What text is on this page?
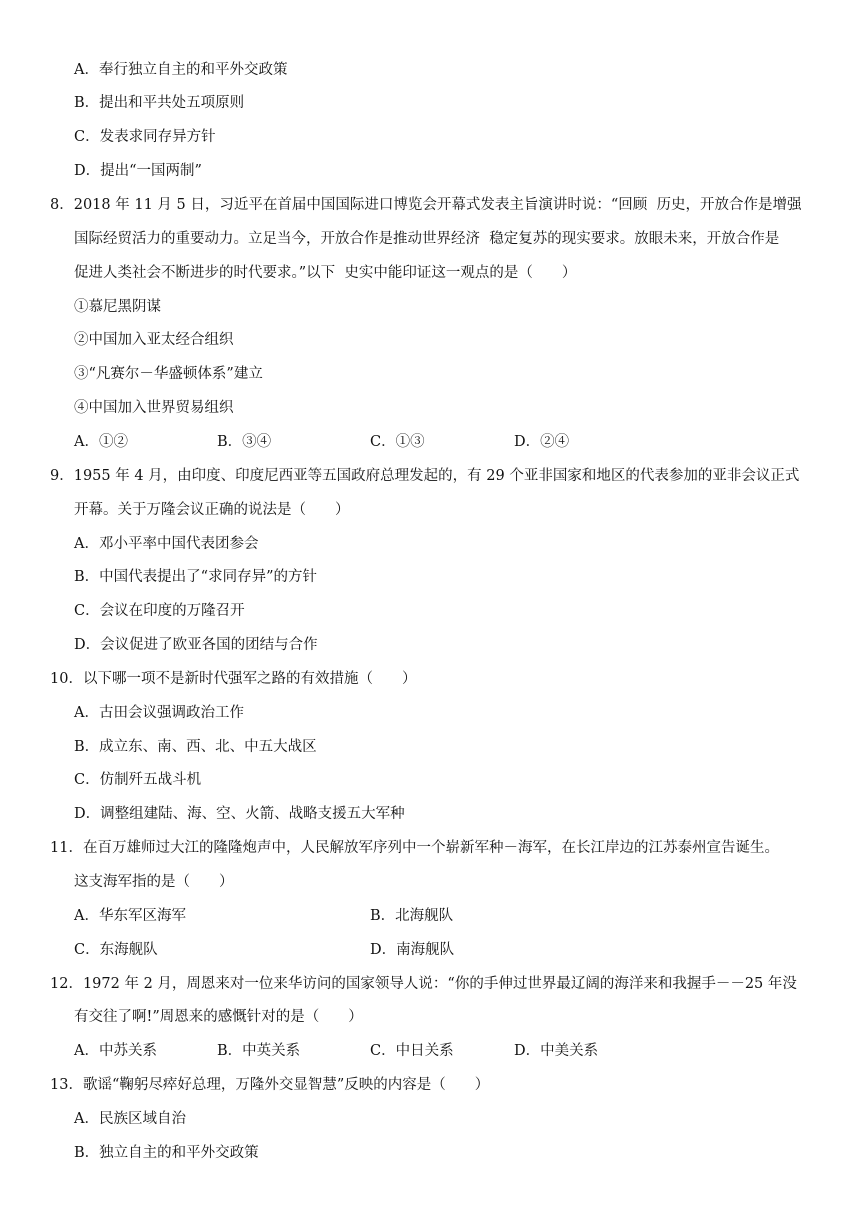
A．奉行独立自主的和平外交政策
B．提出和平共处五项原则
C．发表求同存异方针
D．提出“一国两制”
8．2018 年 11 月 5 日，习近平在首届中国国际进口博览会开幕式发表主旨演讲时说：“回顾  历史，开放合作是增强
国际经贸活力的重要动力。立足当今，开放合作是推动世界经济  稳定复苏的现实要求。放眼未来，开放合作是
促进人类社会不断进步的时代要求。”以下  史实中能印证这一观点的是（　　）
①慕尼黑阴谋
②中国加入亚太经合组织
③“凡赛尔－华盛顿体系”建立
④中国加入世界贸易组织

A．①②

	B．③④

	C．①③

	D．②④

9．1955 年 4 月，由印度、印度尼西亚等五国政府总理发起的，有 29 个亚非国家和地区的代表参加的亚非会议正式
开幕。关于万隆会议正确的说法是（　　）
A．邓小平率中国代表团参会
B．中国代表提出了“求同存异”的方针
C．会议在印度的万隆召开
D．会议促进了欧亚各国的团结与合作
10．以下哪一项不是新时代强军之路的有效措施（　　）
A．古田会议强调政治工作
B．成立东、南、西、北、中五大战区
C．仿制歼五战斗机
D．调整组建陆、海、空、火箭、战略支援五大军种
11．在百万雄师过大江的隆隆炮声中，人民解放军序列中一个崭新军种－海军，在长江岸边的江苏泰州宣告诞生。
这支海军指的是（　　）

A．华东军区海军

	B．北海舰队

C．东海舰队

	D．南海舰队

12．1972 年 2 月，周恩来对一位来华访问的国家领导人说：“你的手伸过世界最辽阔的海洋来和我握手－－25 年没
有交往了啊!”周恩来的感慨针对的是（　　）

A．中苏关系

	B．中英关系

	C．中日关系

	D．中美关系

13．歌谣“鞠躬尽瘁好总理，万隆外交显智慧”反映的内容是（　　）
A．民族区域自治
B．独立自主的和平外交政策
